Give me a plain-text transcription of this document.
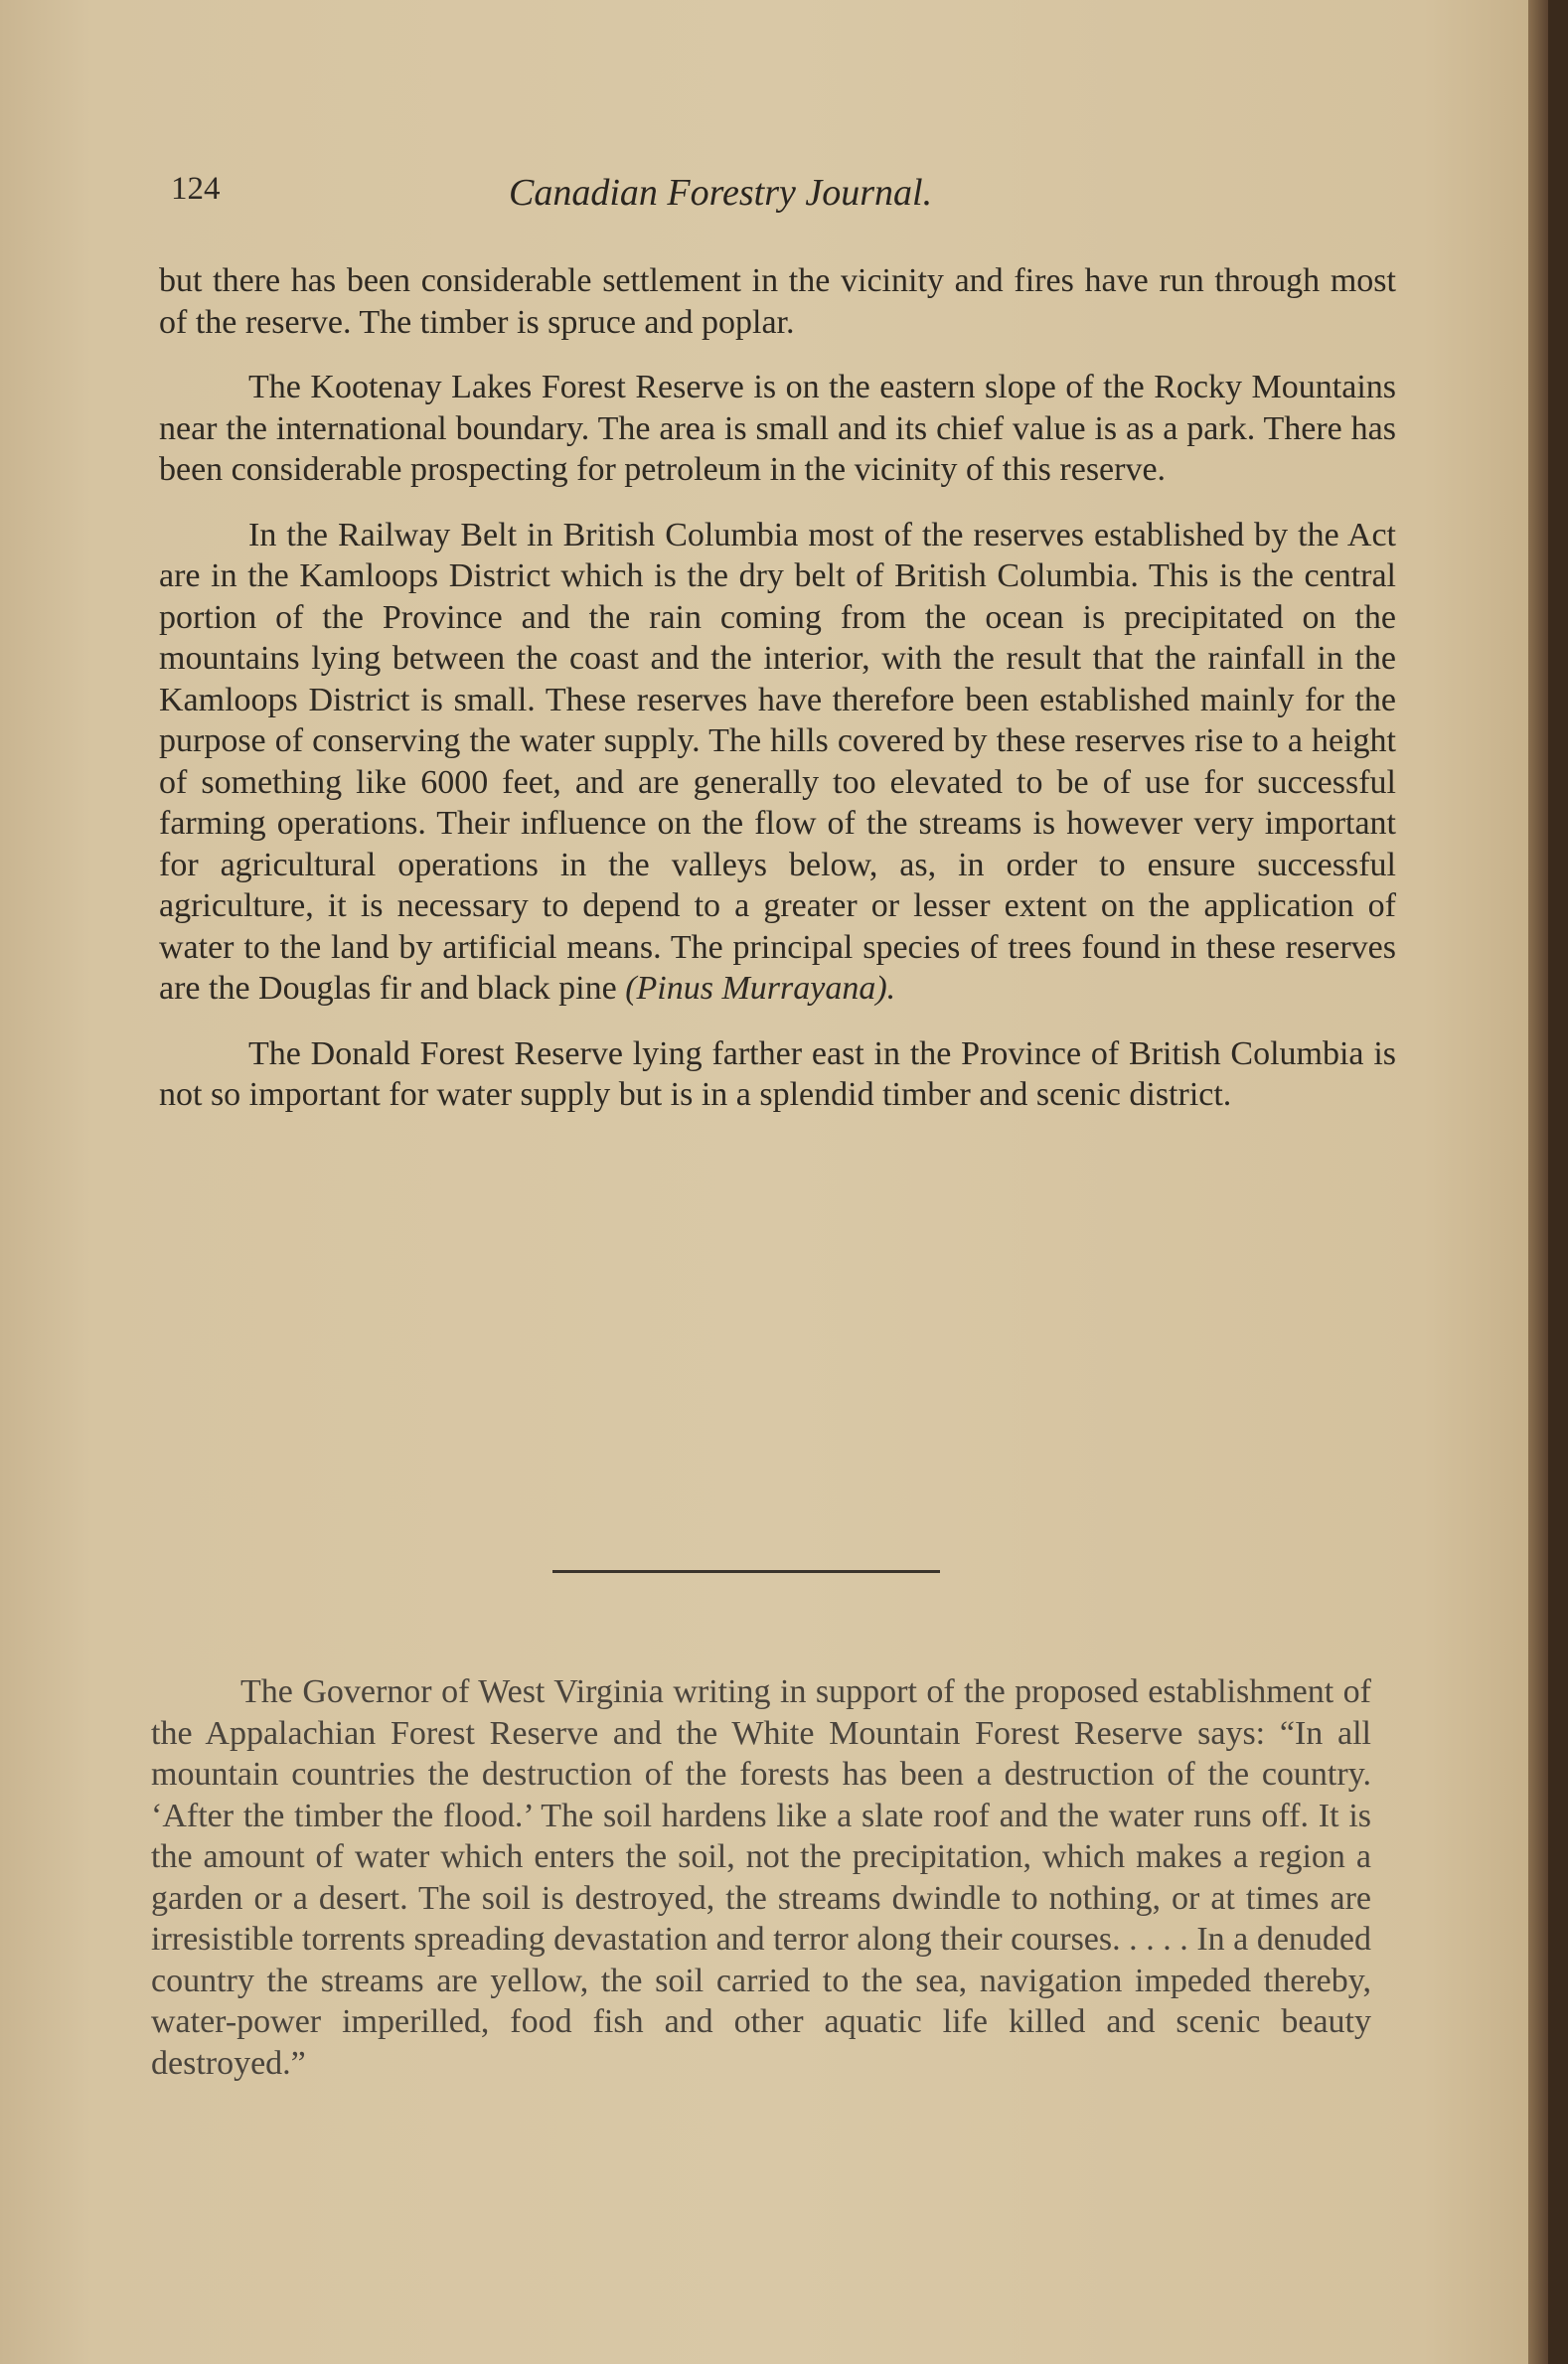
124	Canadian Forestry Journal.

but there has been considerable settlement in the vicinity and fires have run through most of the reserve. The timber is spruce and poplar.

The Kootenay Lakes Forest Reserve is on the eastern slope of the Rocky Mountains near the international boundary. The area is small and its chief value is as a park. There has been considerable prospecting for petroleum in the vicinity of this reserve.

In the Railway Belt in British Columbia most of the reserves established by the Act are in the Kamloops District which is the dry belt of British Columbia. This is the central portion of the Province and the rain coming from the ocean is precipitated on the mountains lying between the coast and the interior, with the result that the rainfall in the Kamloops District is small. These reserves have therefore been established mainly for the purpose of conserving the water supply. The hills covered by these reserves rise to a height of something like 6000 feet, and are generally too elevated to be of use for successful farming operations. Their influence on the flow of the streams is however very important for agricultural operations in the valleys below, as, in order to ensure successful agriculture, it is necessary to depend to a greater or lesser extent on the application of water to the land by artificial means. The principal species of trees found in these reserves are the Douglas fir and black pine (Pinus Murrayana).

The Donald Forest Reserve lying farther east in the Province of British Columbia is not so important for water supply but is in a splendid timber and scenic district.

The Governor of West Virginia writing in support of the proposed establishment of the Appalachian Forest Reserve and the White Mountain Forest Reserve says: “In all mountain countries the destruction of the forests has been a destruction of the country. ‘After the timber the flood.’ The soil hardens like a slate roof and the water runs off. It is the amount of water which enters the soil, not the precipitation, which makes a region a garden or a desert. The soil is destroyed, the streams dwindle to nothing, or at times are irresistible torrents spreading devastation and terror along their courses. . . . . In a denuded country the streams are yellow, the soil carried to the sea, navigation impeded thereby, water-power imperilled, food fish and other aquatic life killed and scenic beauty destroyed.”
